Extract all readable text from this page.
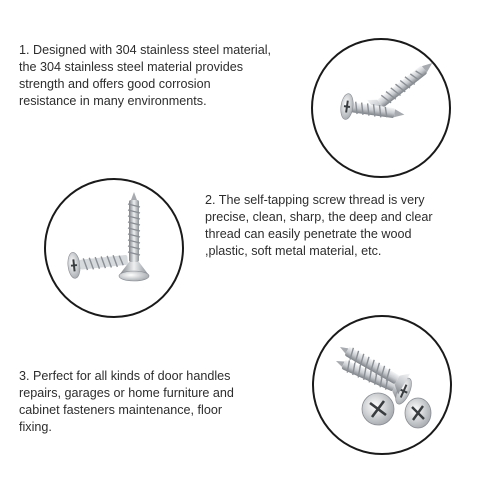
1. Designed with 304 stainless steel material,
the 304 stainless steel material provides
strength and offers good corrosion
resistance in many environments.

2. The self-tapping screw thread is very
precise, clean, sharp, the deep and clear
thread can easily penetrate the wood
,plastic, soft metal material, etc.

3. Perfect for all kinds of door handles
repairs, garages or home furniture and
cabinet fasteners maintenance, floor
fixing.
